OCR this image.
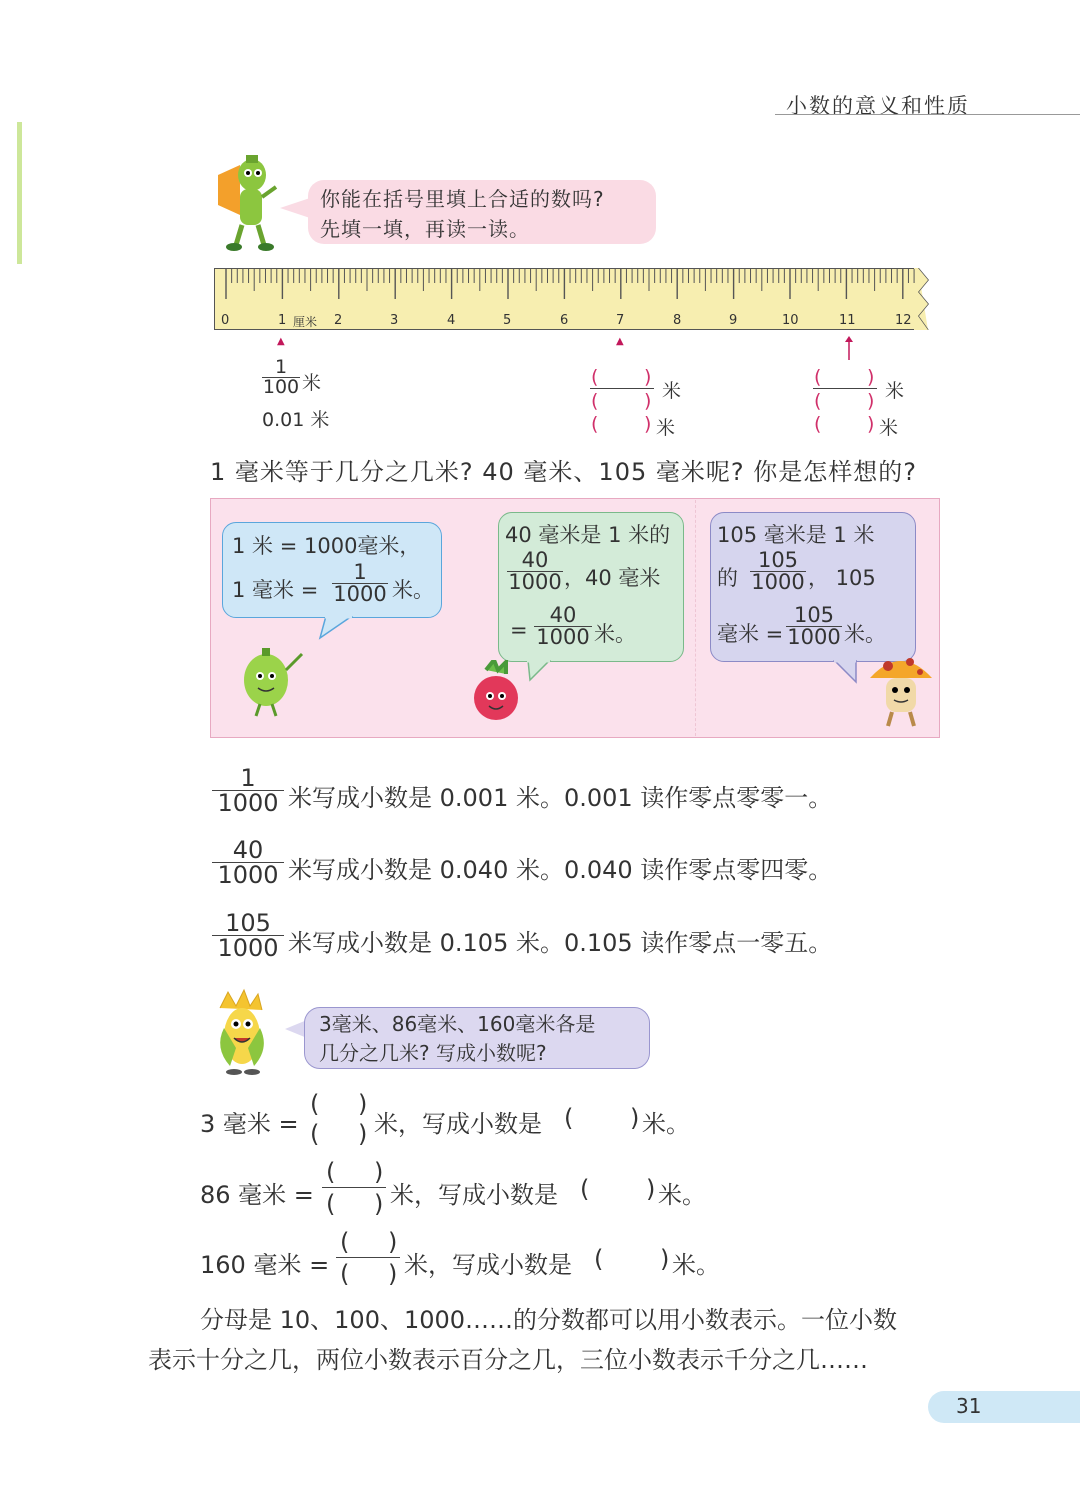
小数的意义和性质
你能在括号里填上合适的数吗?
先填一填，再读一读。
0	1 厘米 2	3	4	5	6	7	8	9	10	11	12
▲	▲
1
100 米
0.01 米
( )
( ) 米
( ) 米
( )
( ) 米
( ) 米
1 毫米等于几分之几米? 40 毫米、105 毫米呢? 你是怎样想的?
1 米 = 1000毫米，
1 毫米 =
1
1000 米。
40 毫米是 1 米的
40
1000 ，40 毫米
=
40
1000 米。
105 毫米是 1 米
的
105
1000 ， 105
毫米 =
105
1000 米。
1
1000 米写成小数是 0.001 米。0.001 读作零点零零一。
40
1000 米写成小数是 0.040 米。0.040 读作零点零四零。
105
1000 米写成小数是 0.105 米。0.105 读作零点一零五。
3毫米、86毫米、160毫米各是
几分之几米? 写成小数呢?
3 毫米 =
( )
( ) 米，写成小数是 ( ) 米。
86 毫米 =
( )
( ) 米，写成小数是 ( ) 米。
160 毫米 =
( )
( ) 米，写成小数是 ( ) 米。
分母是 10、100、1000……的分数都可以用小数表示。一位小数
表示十分之几，两位小数表示百分之几，三位小数表示千分之几……
31
